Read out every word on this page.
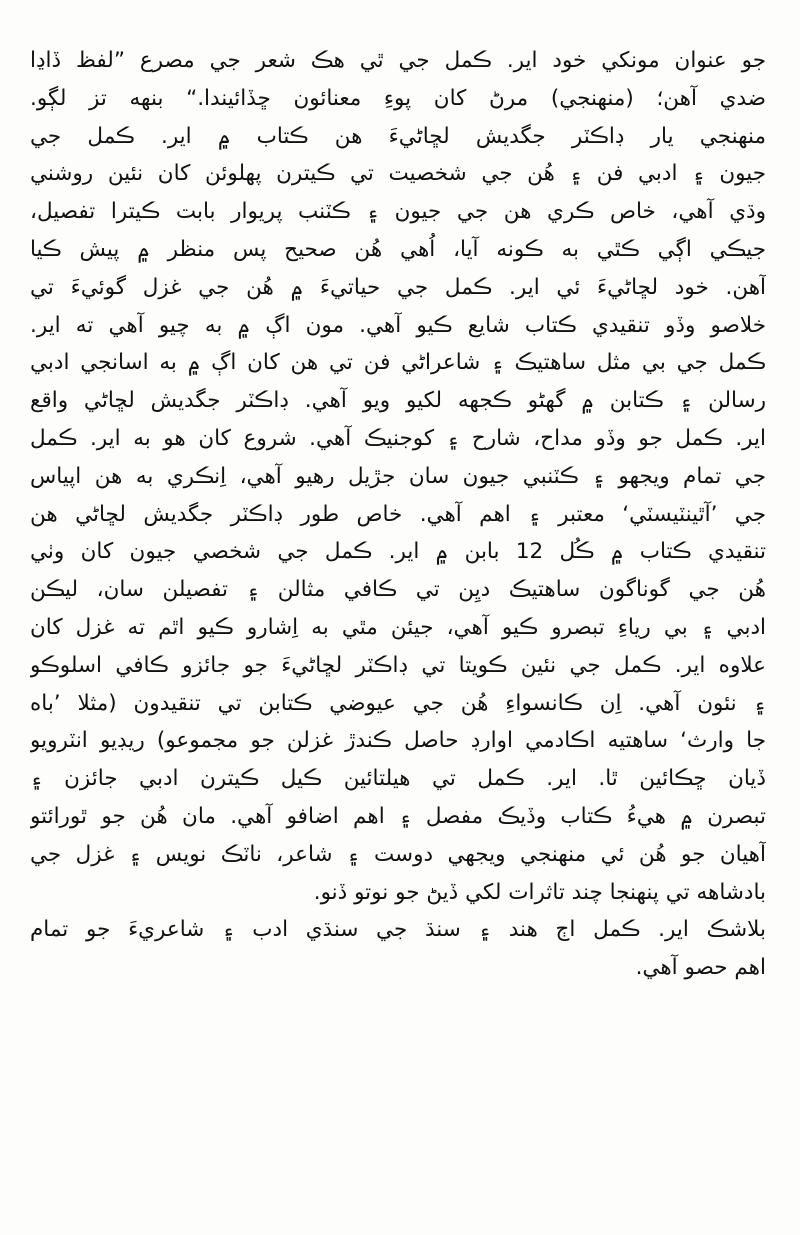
جو عنوان مونکي خود اير. ڪمل جي ٿي هڪ شعر جي مصرع ”لفظ ڏاڍا
ضدي آهن؛ (منهنجي) مرڻ کان پوءِ معنائون ڇڏائيندا.“ بنهه تز لڳو.
منهنجي يار ڊاڪٽر جگديش لڇاڻيءَ هن ڪتاب ۾ اير. ڪمل جي
جيون ۽ ادبي فن ۽ هُن جي شخصيت تي ڪيترن پهلوئن کان نئين روشني
وڌي آهي، خاص ڪري هن جي جيون ۽ ڪٽنب پريوار بابت ڪيترا تفصيل،
جيڪي اڳي ڪٿي به ڪونه آيا، اُهي هُن صحيح پس منظر ۾ پيش ڪيا
آهن. خود لڇاڻيءَ ئي اير. ڪمل جي حياتيءَ ۾ هُن جي غزل گوئيءَ تي
خلاصو وڏو تنقيدي ڪتاب شايع ڪيو آهي. مون اڳ ۾ به چيو آهي ته اير.
ڪمل جي بي مثل ساهتيڪ ۽ شاعراڻي فن تي هن کان اڳ ۾ به اسانجي ادبي
رسالن ۽ ڪتابن ۾ گهڻو ڪجهه لکيو ويو آهي. ڊاڪٽر جگديش لڇاڻي واقع
اير. ڪمل جو وڏو مداح، شارح ۽ کوجنيڪ آهي. شروع کان هو به اير. ڪمل
جي تمام ويجهو ۽ ڪٽنبي جيون سان جڙيل رهيو آهي، اِنڪري به هن اپياس
جي ’آٿينٽيسٽي‘ معتبر ۽ اهم آهي. خاص طور ڊاڪٽر جگديش لڇاڻي هن
تنقيدي ڪتاب ۾ ڪُل 12 بابن ۾ اير. ڪمل جي شخصي جيون کان وٺي
هُن جي گوناگون ساهتيڪ ديِن تي ڪافي مثالن ۽ تفصيلن سان، ليڪن
ادبي ۽ بي رياءِ تبصرو ڪيو آهي، جيئن مٿي به اِشارو ڪيو اٿم ته غزل کان
علاوه اير. ڪمل جي نئين ڪويتا تي ڊاڪٽر لڇاڻيءَ جو جائزو ڪافي اسلوڪو
۽ نئون آهي. اِن ڪانسواءِ هُن جي عيوضي ڪتابن تي تنقيدون (مثلا ’باه
جا وارث‘ ساهتيه اڪادمي اوارڊ حاصل ڪندڙ غزلن جو مجموعو) ريڊيو انٽرويو
ڏيان ڇڪائين ٿا. اير. ڪمل تي هيلتائين ڪيل ڪيترن ادبي جائزن ۽
تبصرن ۾ هيءُ ڪتاب وڏيڪ مفصل ۽ اهم اضافو آهي. مان هُن جو ٿورائتو
آهيان جو هُن ئي منهنجي ويجهي دوست ۽ شاعر، ناٽڪ نويس ۽ غزل جي
بادشاهه تي پنهنجا چند تاثرات لکي ڏيڻ جو نوتو ڏنو.
بلاشڪ اير. ڪمل اڄ هند ۽ سنڌ جي سنڌي ادب ۽ شاعريءَ جو تمام
اهم حصو آهي.
